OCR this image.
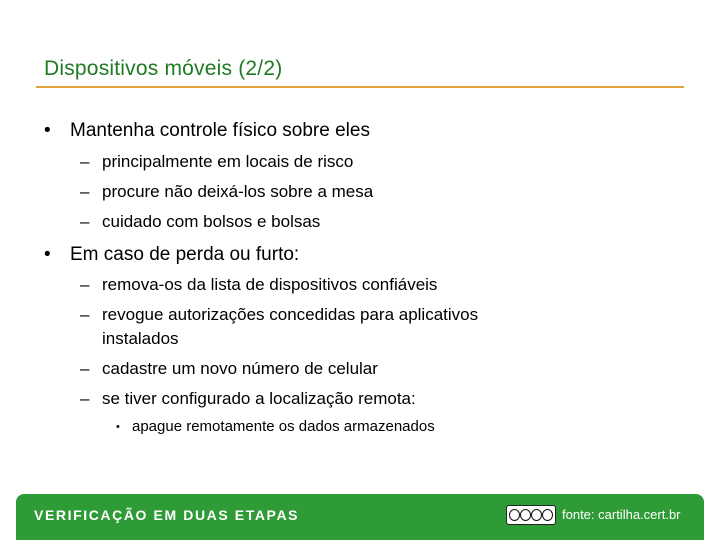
Dispositivos móveis (2/2)
• Mantenha controle físico sobre eles
– principalmente em locais de risco
– procure não deixá-los sobre a mesa
– cuidado com bolsos e bolsas
• Em caso de perda ou furto:
– remova-os da lista de dispositivos confiáveis
– revogue autorizações concedidas para aplicativos
instalados
– cadastre um novo número de celular
– se tiver configurado a localização remota:
• apague remotamente os dados armazenados
VERIFICAÇÃO EM DUAS ETAPAS	fonte: cartilha.cert.br
